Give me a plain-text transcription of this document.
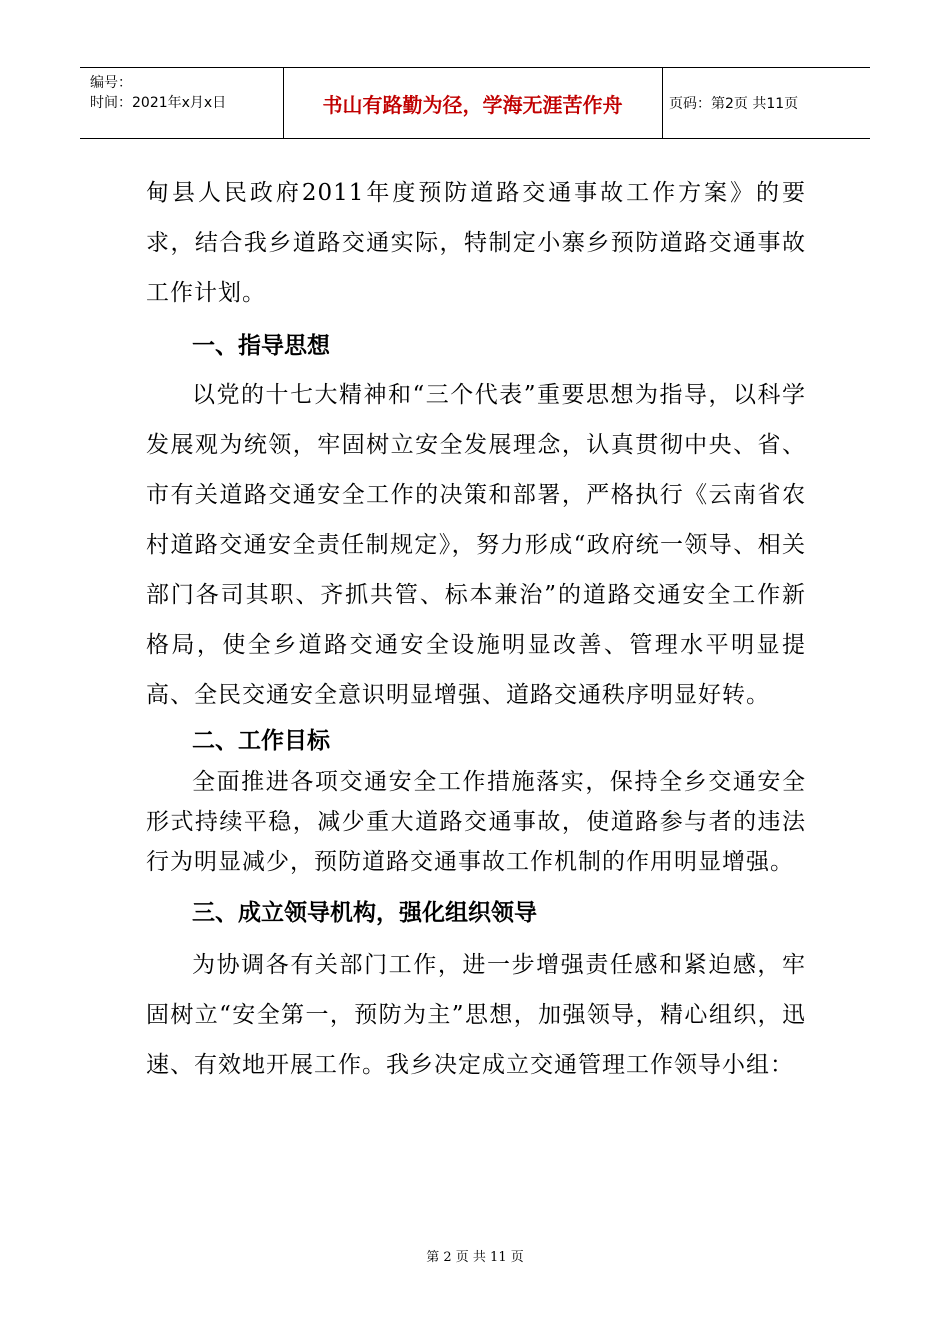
编号：
时间：2021年x月x日	书山有路勤为径，学海无涯苦作舟	页码：第2页 共11页

甸县人民政府2011年度预防道路交通事故工作方案》的要求，结合我乡道路交通实际，特制定小寨乡预防道路交通事故工作计划。

一、指导思想

以党的十七大精神和“三个代表”重要思想为指导，以科学发展观为统领，牢固树立安全发展理念，认真贯彻中央、省、市有关道路交通安全工作的决策和部署，严格执行《云南省农村道路交通安全责任制规定》，努力形成“政府统一领导、相关部门各司其职、齐抓共管、标本兼治”的道路交通安全工作新格局，使全乡道路交通安全设施明显改善、管理水平明显提高、全民交通安全意识明显增强、道路交通秩序明显好转。

二、工作目标

全面推进各项交通安全工作措施落实，保持全乡交通安全形式持续平稳，减少重大道路交通事故，使道路参与者的违法行为明显减少，预防道路交通事故工作机制的作用明显增强。

三、成立领导机构，强化组织领导

为协调各有关部门工作，进一步增强责任感和紧迫感，牢固树立“安全第一，预防为主”思想，加强领导，精心组织，迅速、有效地开展工作。我乡决定成立交通管理工作领导小组：

第 2 页 共 11 页
